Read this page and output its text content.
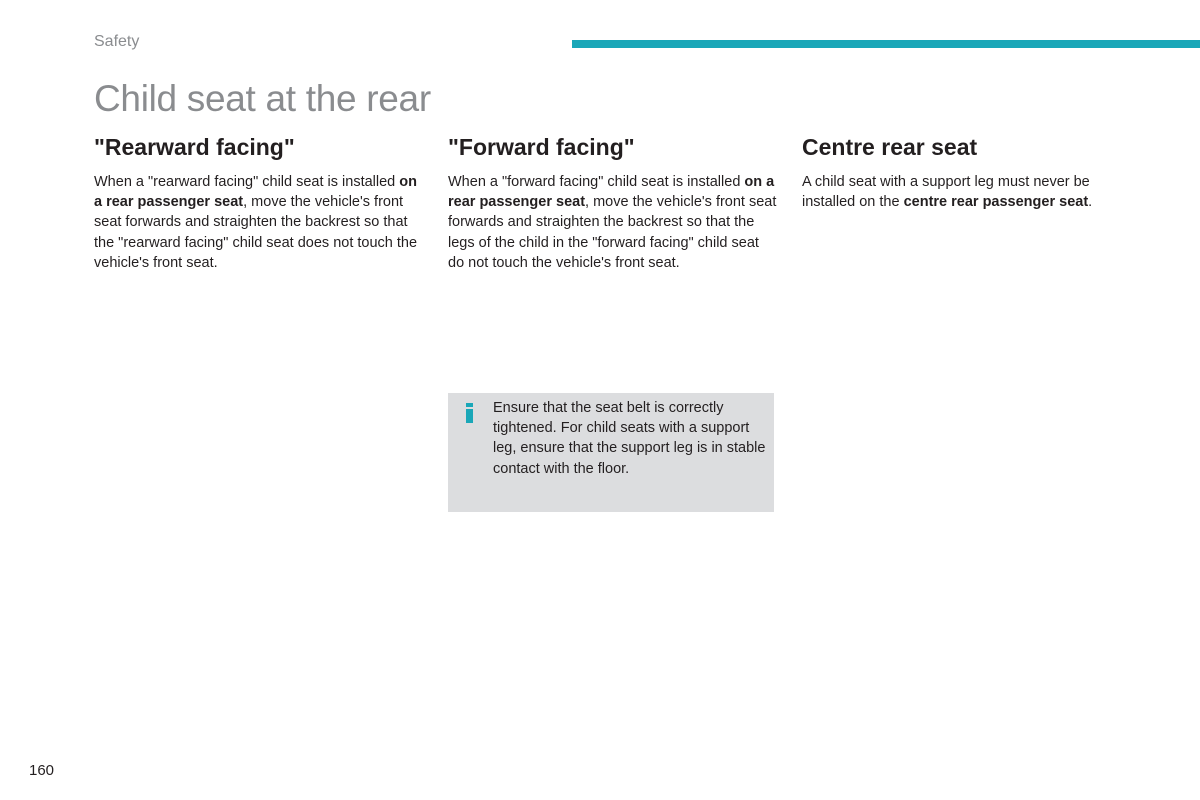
Safety
Child seat at the rear
"Rearward facing"

When a "rearward facing" child seat is installed on a rear passenger seat, move the vehicle's front seat forwards and straighten the backrest so that the "rearward facing" child seat does not touch the vehicle's front seat.

"Forward facing"

When a "forward facing" child seat is installed on a rear passenger seat, move the vehicle's front seat forwards and straighten the backrest so that the legs of the child in the "forward facing" child seat do not touch the vehicle's front seat.

Centre rear seat

A child seat with a support leg must never be installed on the centre rear passenger seat.

Ensure that the seat belt is correctly tightened. For child seats with a support leg, ensure that the support leg is in stable contact with the floor.

160
